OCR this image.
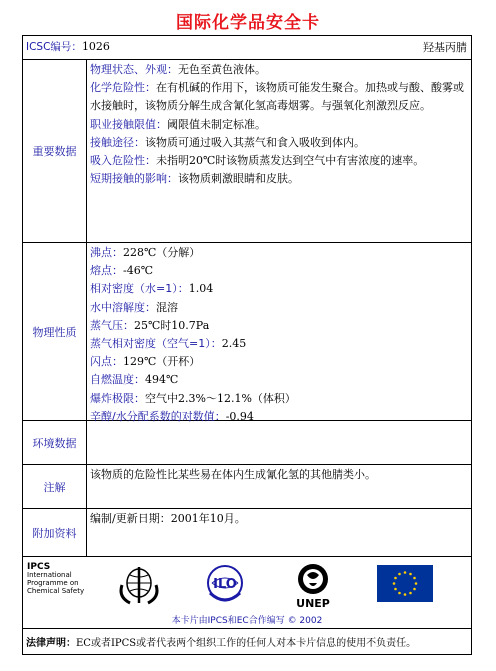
国际化学品安全卡
ICSC编号：1026	羟基丙腈
重要数据
物理状态、外观：无色至黄色液体。
化学危险性：在有机碱的作用下，该物质可能发生聚合。加热或与酸、酸雾或水接触时，该物质分解生成含氰化氢高毒烟雾。与强氧化剂激烈反应。
职业接触限值：阈限值未制定标准。
接触途径：该物质可通过吸入其蒸气和食入吸收到体内。
吸入危险性：未指明20℃时该物质蒸发达到空气中有害浓度的速率。
短期接触的影响：该物质刺激眼睛和皮肤。
物理性质
沸点：228℃（分解）
熔点：-46℃
相对密度（水=1）：1.04
水中溶解度：混溶
蒸气压：25℃时10.7Pa
蒸气相对密度（空气=1）：2.45
闪点：129℃（开杯）
自燃温度：494℃
爆炸极限：空气中2.3%～12.1%（体积）
辛醇/水分配系数的对数值：-0.94
环境数据
注解
该物质的危险性比某些易在体内生成氰化氢的其他腈类小。
附加资料
编制/更新日期：2001年10月。
IPCS
International
Programme on
Chemical Safety	ILO
UNEP
本卡片由IPCS和EC合作编写 © 2002
法律声明：EC或者IPCS或者代表两个组织工作的任何人对本卡片信息的使用不负责任。
